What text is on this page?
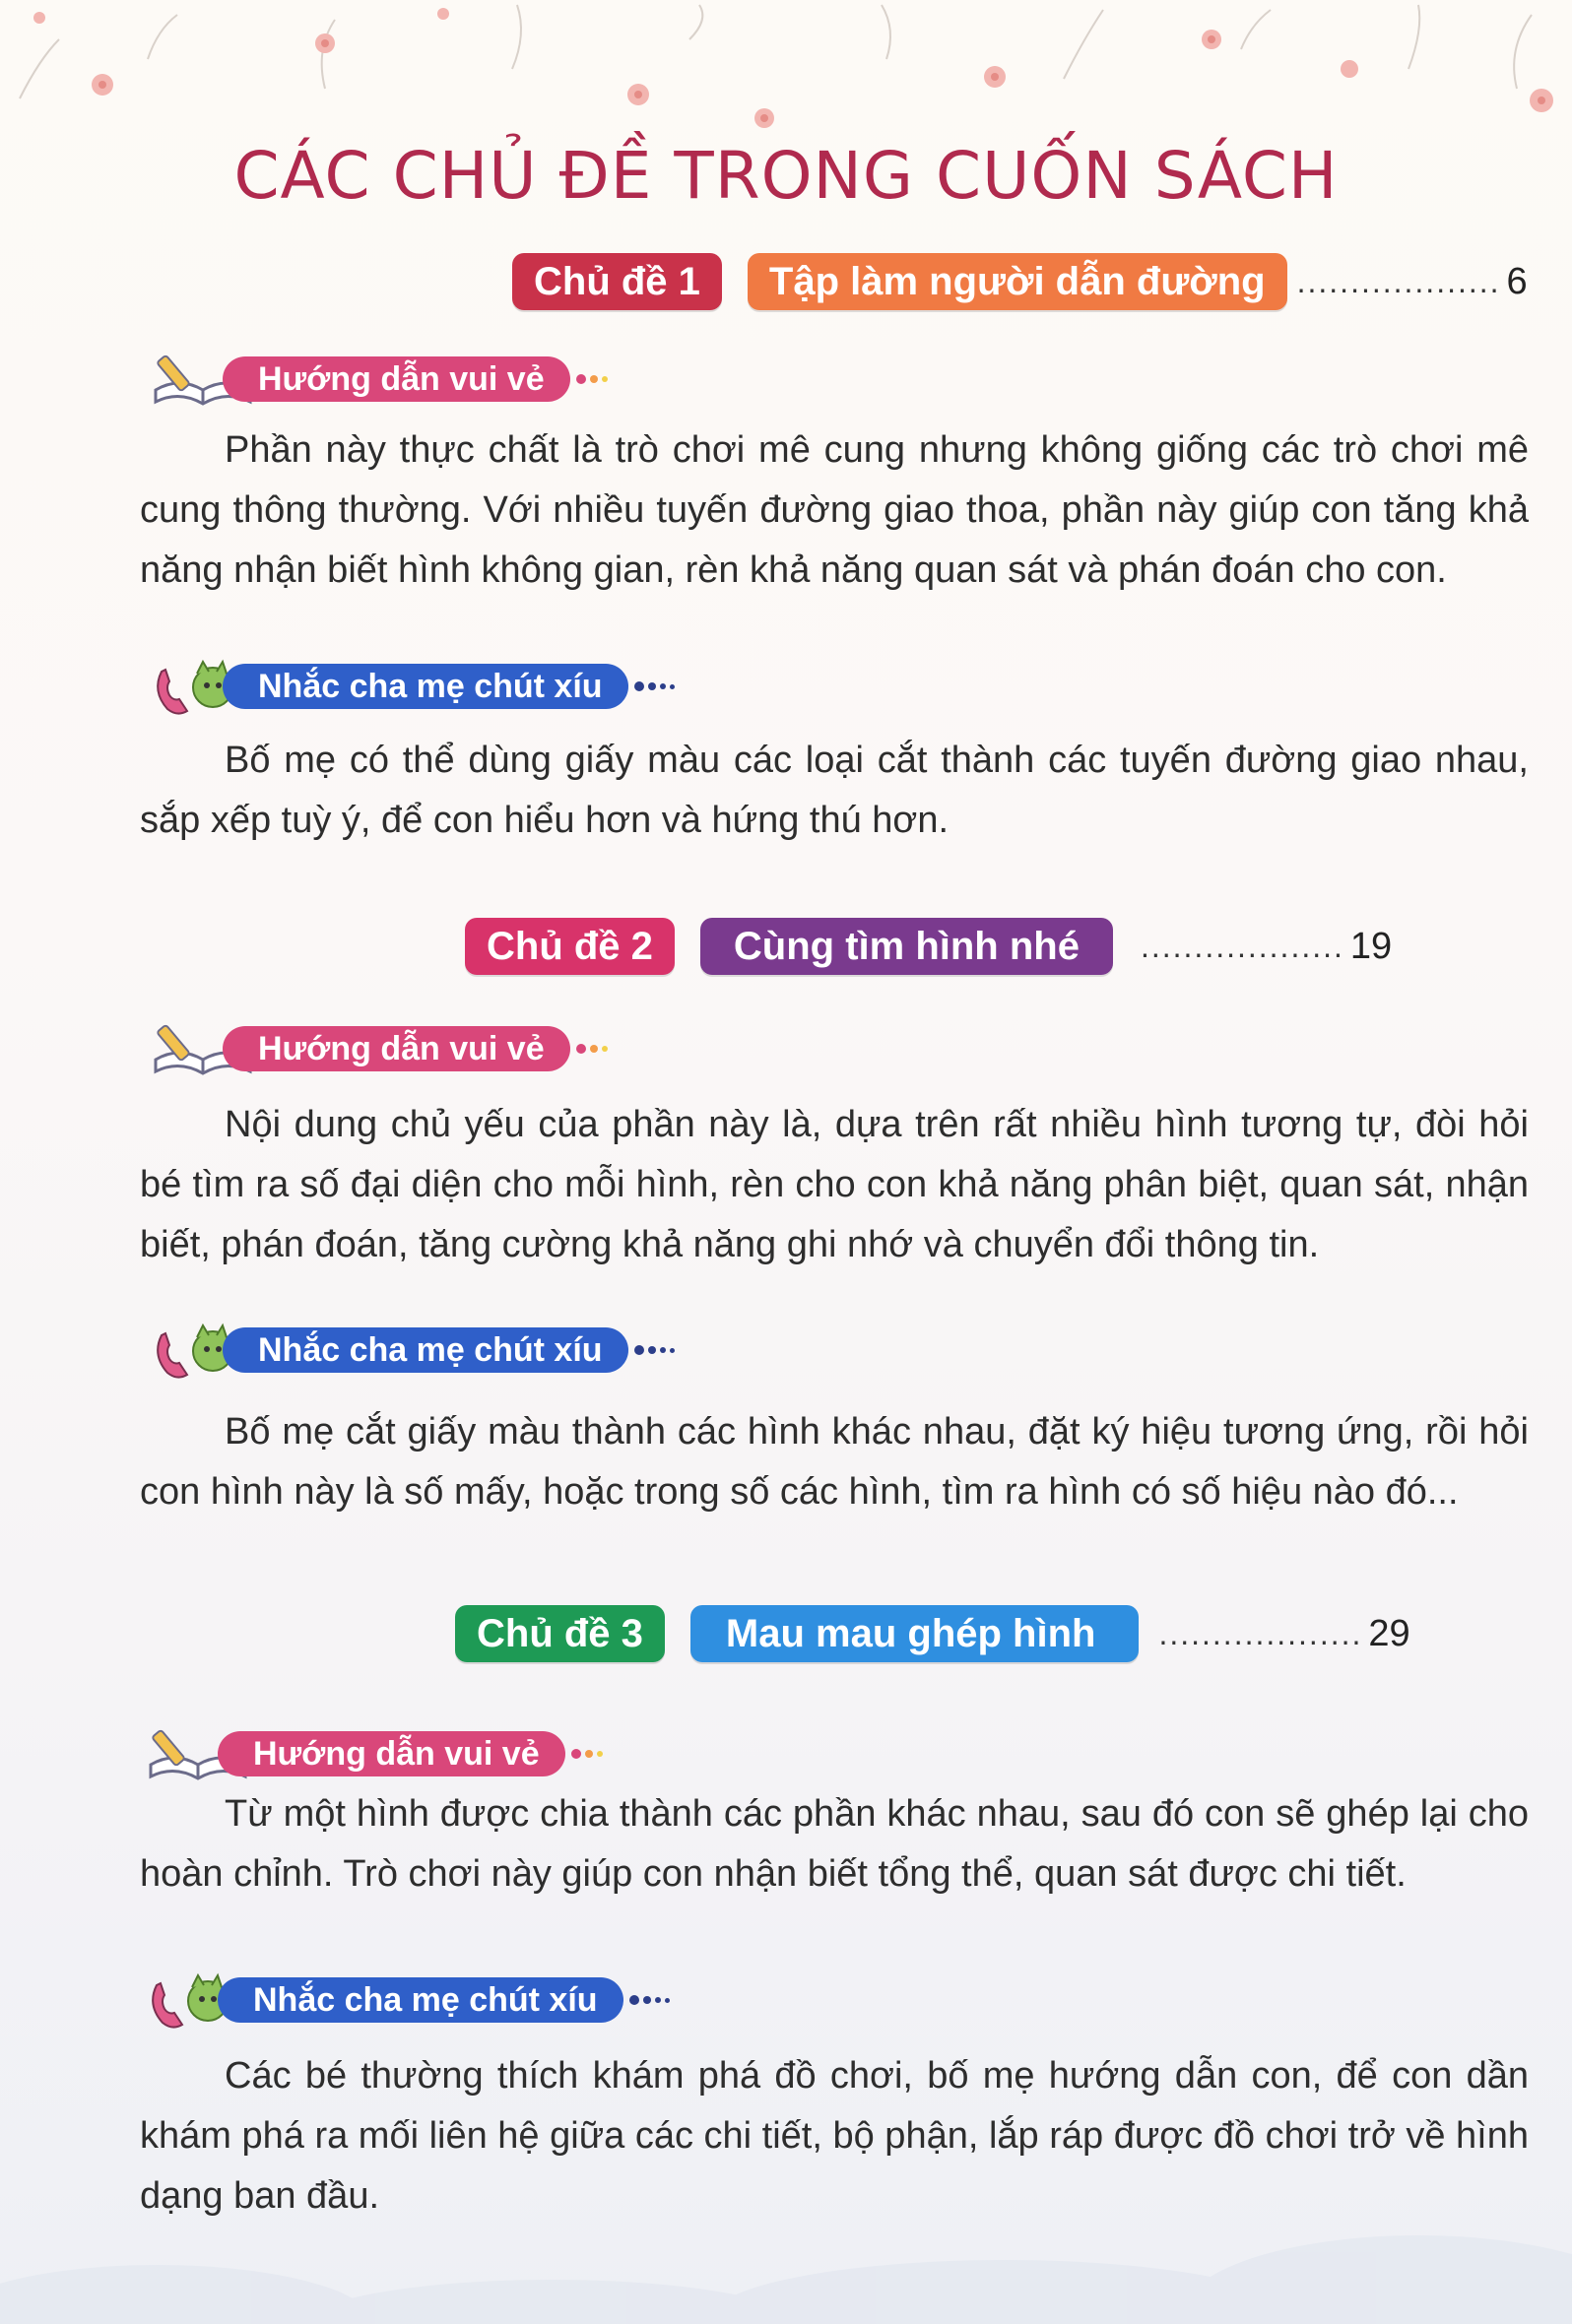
CÁC CHỦ ĐỀ TRONG CUỐN SÁCH
Chủ đề 1	Tập làm người dẫn đường	................... 6
Hướng dẫn vui vẻ

Phần này thực chất là trò chơi mê cung nhưng không giống các trò chơi mê cung thông thường. Với nhiều tuyến đường giao thoa, phần này giúp con tăng khả năng nhận biết hình không gian, rèn khả năng quan sát và phán đoán cho con.

Nhắc cha mẹ chút xíu

Bố mẹ có thể dùng giấy màu các loại cắt thành các tuyến đường giao nhau, sắp xếp tuỳ ý, để con hiểu hơn và hứng thú hơn.

Chủ đề 2	Cùng tìm hình nhé	................... 19
Hướng dẫn vui vẻ

Nội dung chủ yếu của phần này là, dựa trên rất nhiều hình tương tự, đòi hỏi bé tìm ra số đại diện cho mỗi hình, rèn cho con khả năng phân biệt, quan sát, nhận biết, phán đoán, tăng cường khả năng ghi nhớ và chuyển đổi thông tin.

Nhắc cha mẹ chút xíu

Bố mẹ cắt giấy màu thành các hình khác nhau, đặt ký hiệu tương ứng, rồi hỏi con hình này là số mấy, hoặc trong số các hình, tìm ra hình có số hiệu nào đó...

Chủ đề 3	Mau mau ghép hình	................... 29
Hướng dẫn vui vẻ

Từ một hình được chia thành các phần khác nhau, sau đó con sẽ ghép lại cho hoàn chỉnh. Trò chơi này giúp con nhận biết tổng thể, quan sát được chi tiết.

Nhắc cha mẹ chút xíu

Các bé thường thích khám phá đồ chơi, bố mẹ hướng dẫn con, để con dần khám phá ra mối liên hệ giữa các chi tiết, bộ phận, lắp ráp được đồ chơi trở về hình dạng ban đầu.
